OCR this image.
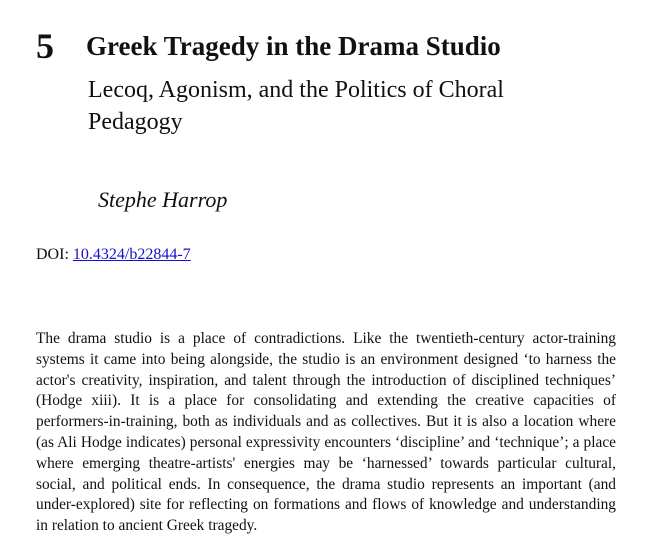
5 Greek Tragedy in the Drama Studio
Lecoq, Agonism, and the Politics of Choral Pedagogy
Stephe Harrop
DOI: 10.4324/b22844-7

The drama studio is a place of contradictions. Like the twentieth-century actor-training systems it came into being alongside, the studio is an environment designed ‘to harness the actor's creativity, inspiration, and talent through the introduction of disciplined techniques’ (Hodge xiii). It is a place for consolidating and extending the creative capacities of performers-in-training, both as individuals and as collectives. But it is also a location where (as Ali Hodge indicates) personal expressivity encounters ‘discipline’ and ‘technique’; a place where emerging theatre-artists' energies may be ‘harnessed’ towards particular cultural, social, and political ends. In consequence, the drama studio represents an important (and under-explored) site for reflecting on formations and flows of knowledge and understanding in relation to ancient Greek tragedy.
